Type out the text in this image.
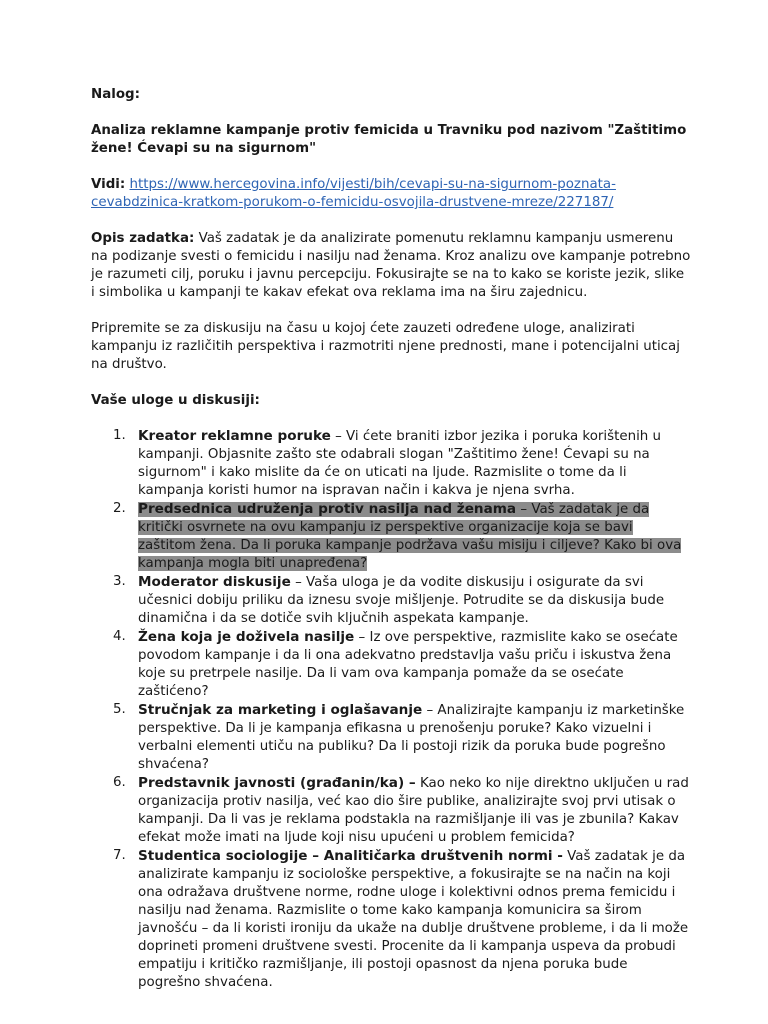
Nalog:

Analiza reklamne kampanje protiv femicida u Travniku pod nazivom "Zaštitimo žene! Ćevapi su na sigurnom"

Vidi: https://www.hercegovina.info/vijesti/bih/cevapi-su-na-sigurnom-poznata-
cevabdzinica-kratkom-porukom-o-femicidu-osvojila-drustvene-mreze/227187/

Opis zadatka: Vaš zadatak je da analizirate pomenutu reklamnu kampanju usmerenu na podizanje svesti o femicidu i nasilju nad ženama. Kroz analizu ove kampanje potrebno je razumeti cilj, poruku i javnu percepciju. Fokusirajte se na to kako se koriste jezik, slike i simbolika u kampanji te kakav efekat ova reklama ima na širu zajednicu.

Pripremite se za diskusiju na času u kojoj ćete zauzeti određene uloge, analizirati kampanju iz različitih perspektiva i razmotriti njene prednosti, mane i potencijalni uticaj na društvo.

Vaše uloge u diskusiji:

1. Kreator reklamne poruke – Vi ćete braniti izbor jezika i poruka korištenih u kampanji. Objasnite zašto ste odabrali slogan "Zaštitimo žene! Ćevapi su na sigurnom" i kako mislite da će on uticati na ljude. Razmislite o tome da li kampanja koristi humor na ispravan način i kakva je njena svrha.
2. Predsednica udruženja protiv nasilja nad ženama – Vaš zadatak je da kritički osvrnete na ovu kampanju iz perspektive organizacije koja se bavi zaštitom žena. Da li poruka kampanje podržava vašu misiju i ciljeve? Kako bi ova kampanja mogla biti unapređena?
3. Moderator diskusije – Vaša uloga je da vodite diskusiju i osigurate da svi učesnici dobiju priliku da iznesu svoje mišljenje. Potrudite se da diskusija bude dinamična i da se dotiče svih ključnih aspekata kampanje.
4. Žena koja je doživela nasilje – Iz ove perspektive, razmislite kako se osećate povodom kampanje i da li ona adekvatno predstavlja vašu priču i iskustva žena koje su pretrpele nasilje. Da li vam ova kampanja pomaže da se osećate zaštićeno?
5. Stručnjak za marketing i oglašavanje – Analizirajte kampanju iz marketinške perspektive. Da li je kampanja efikasna u prenošenju poruke? Kako vizuelni i verbalni elementi utiču na publiku? Da li postoji rizik da poruka bude pogrešno shvaćena?
6. Predstavnik javnosti (građanin/ka) – Kao neko ko nije direktno uključen u rad organizacija protiv nasilja, već kao dio šire publike, analizirajte svoj prvi utisak o kampanji. Da li vas je reklama podstakla na razmišljanje ili vas je zbunila? Kakav efekat može imati na ljude koji nisu upućeni u problem femicida?
7. Studentica sociologije – Analitičarka društvenih normi - Vaš zadatak je da analizirate kampanju iz sociološke perspektive, a fokusirajte se na način na koji ona odražava društvene norme, rodne uloge i kolektivni odnos prema femicidu i nasilju nad ženama. Razmislite o tome kako kampanja komunicira sa širom javnošću – da li koristi ironiju da ukaže na dublje društvene probleme, i da li može doprineti promeni društvene svesti. Procenite da li kampanja uspeva da probudi empatiju i kritičko razmišljanje, ili postoji opasnost da njena poruka bude pogrešno shvaćena.
